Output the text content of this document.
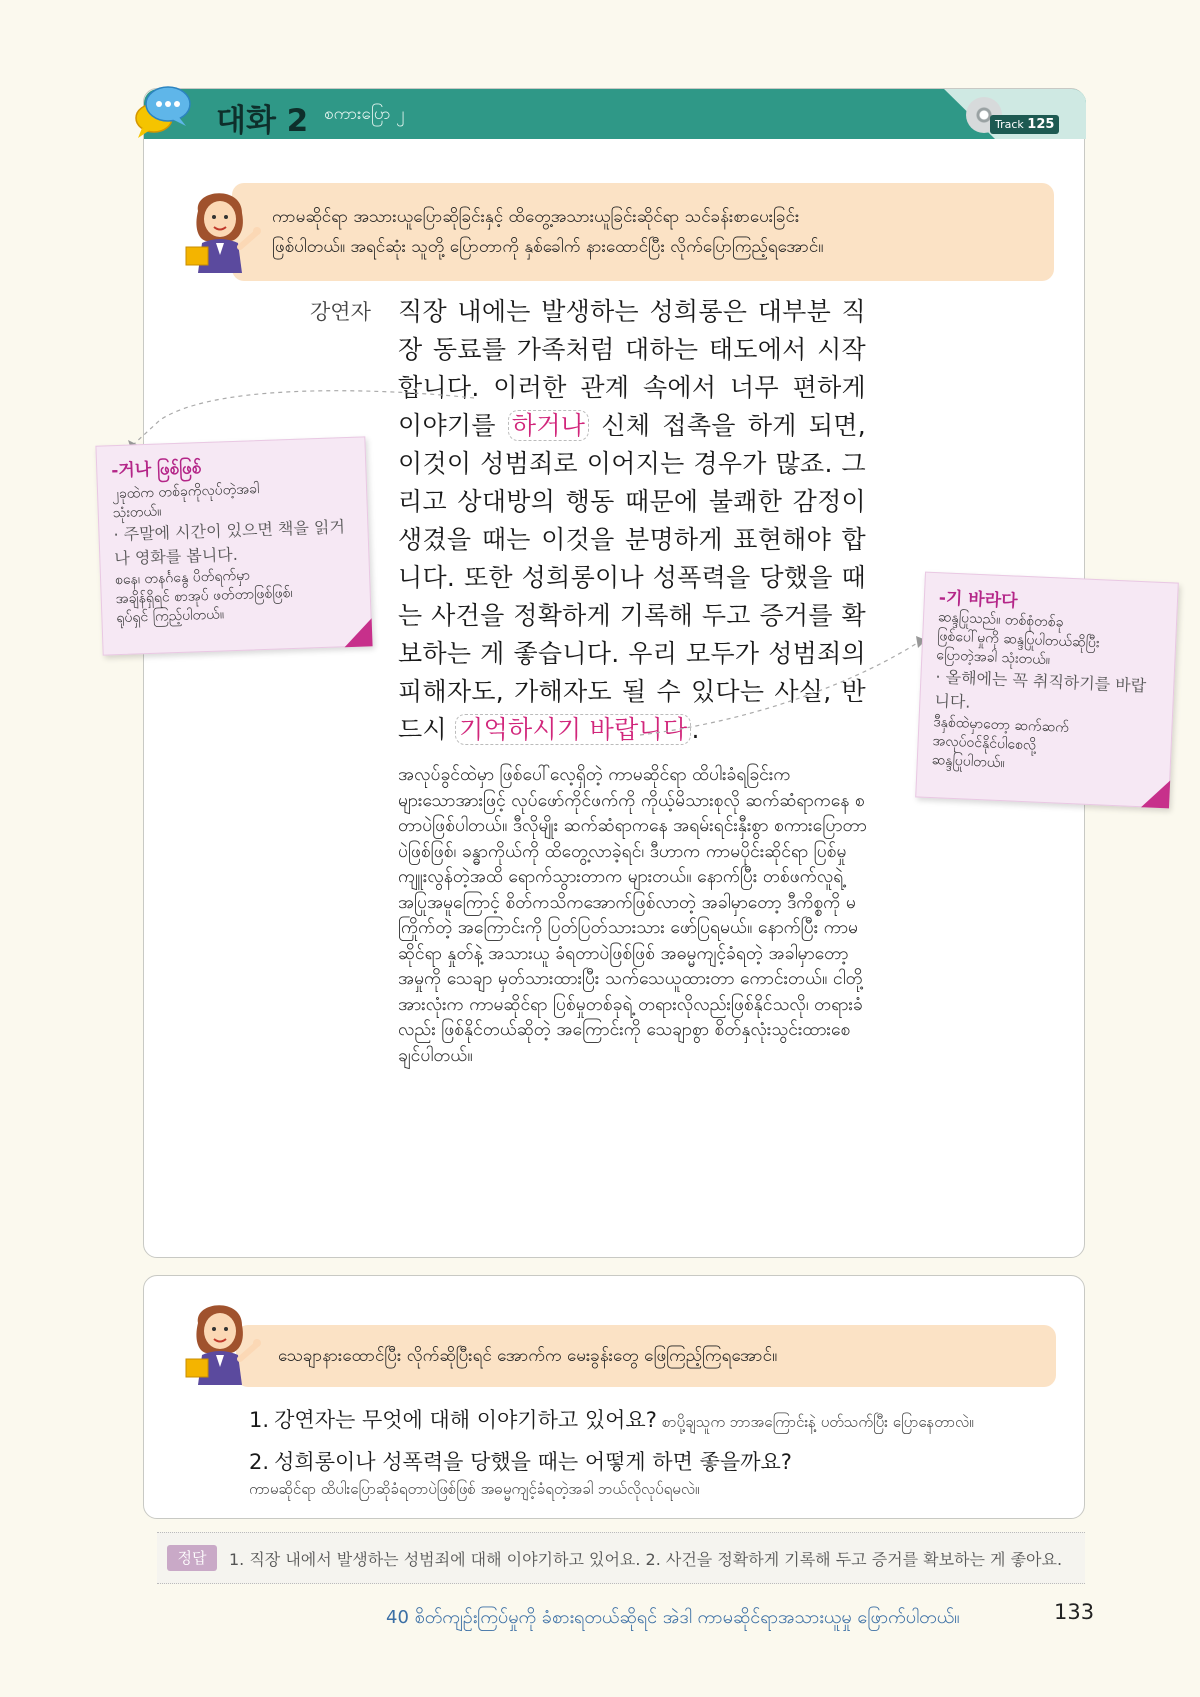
대화 2 စကားပြော ၂
Track 125
ကာမဆိုင်ရာ အသားယူပြောဆိုခြင်းနှင့် ထိတွေ့အသားယူခြင်းဆိုင်ရာ သင်ခန်းစာပေးခြင်း
ဖြစ်ပါတယ်။ အရင်ဆုံး သူတို့ ပြောတာကို နှစ်ခေါက် နားထောင်ပြီး လိုက်ပြောကြည့်ရအောင်။
강연자 직장 내에는 발생하는 성희롱은 대부분 직장 동료를 가족처럼 대하는 태도에서 시작합니다. 이러한 관계 속에서 너무 편하게 이야기를 하거나 신체 접촉을 하게 되면, 이것이 성범죄로 이어지는 경우가 많죠. 그리고 상대방의 행동 때문에 불쾌한 감정이 생겼을 때는 이것을 분명하게 표현해야 합니다. 또한 성희롱이나 성폭력을 당했을 때는 사건을 정확하게 기록해 두고 증거를 확보하는 게 좋습니다. 우리 모두가 성범죄의 피해자도, 가해자도 될 수 있다는 사실, 반드시 기억하시기 바랍니다 .
အလုပ်ခွင်ထဲမှာ ဖြစ်ပေါ်လေ့ရှိတဲ့ ကာမဆိုင်ရာ ထိပါးခံရခြင်းက များသောအားဖြင့် လုပ်ဖော်ကိုင်ဖက်ကို ကိုယ့်မိသားစုလို ဆက်ဆံရာကနေ စတာပဲဖြစ်ပါတယ်။ ဒီလိုမျိုး ဆက်ဆံရာကနေ အရမ်းရင်းနှီးစွာ စကားပြောတာပဲဖြစ်ဖြစ်၊ ခန္ဓာကိုယ်ကို ထိတွေ့လာခဲ့ရင်၊ ဒီဟာက ကာမပိုင်းဆိုင်ရာ ပြစ်မှုကျူးလွန်တဲ့အထိ ရောက်သွားတာက များတယ်။ နောက်ပြီး တစ်ဖက်လူရဲ့ အပြုအမူကြောင့် စိတ်ကသိကအောက်ဖြစ်လာတဲ့ အခါမှာတော့ ဒီကိစ္စကို မကြိုက်တဲ့ အကြောင်းကို ပြတ်ပြတ်သားသား ဖော်ပြရမယ်။ နောက်ပြီး ကာမဆိုင်ရာ နှုတ်နဲ့ အသားယူ ခံရတာပဲဖြစ်ဖြစ် အဓမ္မကျင့်ခံရတဲ့ အခါမှာတော့ အမှုကို သေချာ မှတ်သားထားပြီး သက်သေယူထားတာ ကောင်းတယ်။ ငါတို့ အားလုံးက ကာမဆိုင်ရာ ပြစ်မှုတစ်ခုရဲ့ တရားလိုလည်းဖြစ်နိုင်သလို၊ တရားခံလည်း ဖြစ်နိုင်တယ်ဆိုတဲ့ အကြောင်းကို သေချာစွာ စိတ်နှလုံးသွင်းထားစေချင်ပါတယ်။
-거나 ဖြစ်ဖြစ်
၂ခုထဲက တစ်ခုကိုလုပ်တဲ့အခါ
သုံးတယ်။
· 주말에 시간이 있으면 책을 읽거나 영화를 봅니다.
စနေ၊ တနင်္ဂနွေ ပိတ်ရက်မှာ
အချိန်ရှိရင် စာအုပ် ဖတ်တာဖြစ်ဖြစ်၊
ရုပ်ရှင် ကြည့်ပါတယ်။
-기 바라다
ဆန္ဒပြုသည်။ တစ်စုံတစ်ခု
ဖြစ်ပေါ်မှုကို ဆန္ဒပြုပါတယ်ဆိုပြီး
ပြောတဲ့အခါ သုံးတယ်။
· 올해에는 꼭 취직하기를 바랍니다.
ဒီနှစ်ထဲမှာတော့ ဆက်ဆက်
အလုပ်ဝင်နိုင်ပါစေလို့
ဆန္ဒပြုပါတယ်။
1. 강연자는 무엇에 대해 이야기하고 있어요? စာပို့ချသူက ဘာအကြောင်းနဲ့ ပတ်သက်ပြီး ပြောနေတာလဲ။
2. 성희롱이나 성폭력을 당했을 때는 어떻게 하면 좋을까요?
ကာမဆိုင်ရာ ထိပါးပြောဆိုခံရတာပဲဖြစ်ဖြစ် အဓမ္မကျင့်ခံရတဲ့အခါ ဘယ်လိုလုပ်ရမလဲ။
သေချာနားထောင်ပြီး လိုက်ဆိုပြီးရင် အောက်က မေးခွန်းတွေ ဖြေကြည့်ကြရအောင်။
정답	1. 직장 내에서 발생하는 성범죄에 대해 이야기하고 있어요. 2. 사건을 정확하게 기록해 두고 증거를 확보하는 게 좋아요.
40 စိတ်ကျဉ်းကြပ်မှုကို ခံစားရတယ်ဆိုရင် အဲဒါ ကာမဆိုင်ရာအသားယူမှု ဖြောက်ပါတယ်။	133
